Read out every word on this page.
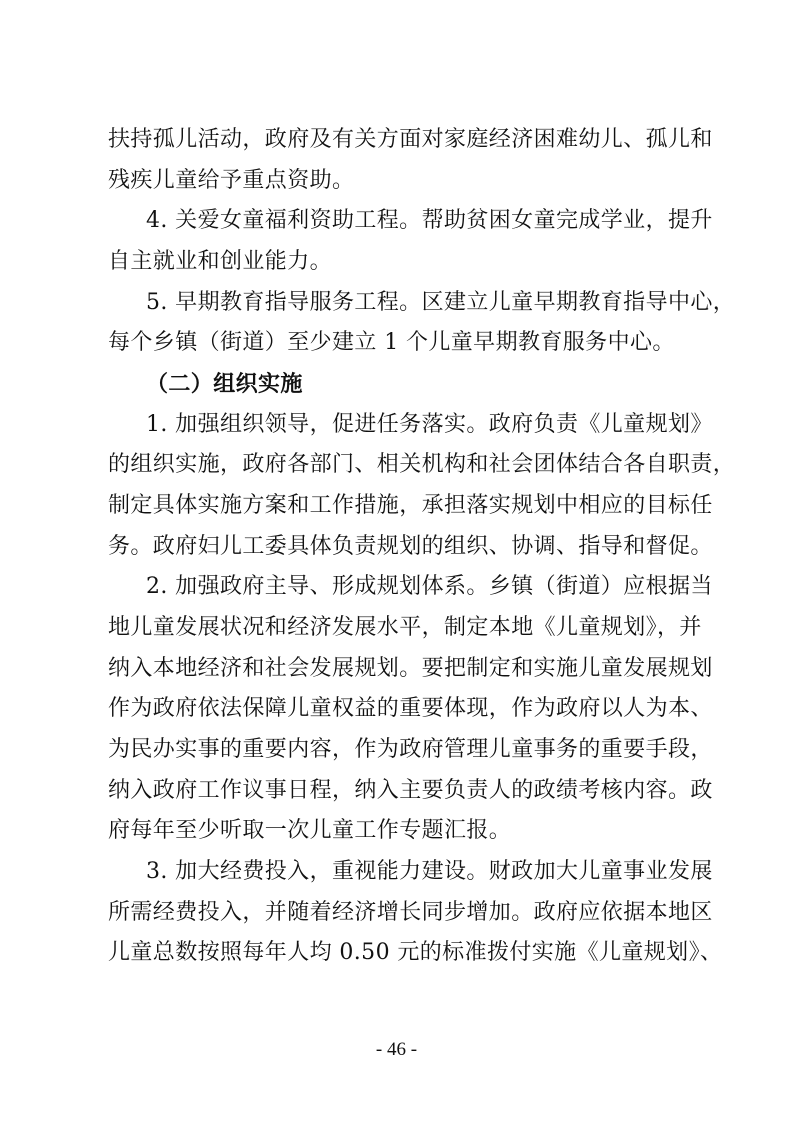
扶持孤儿活动，政府及有关方面对家庭经济困难幼儿、孤儿和
残疾儿童给予重点资助。
4. 关爱女童福利资助工程。帮助贫困女童完成学业，提升
自主就业和创业能力。
5. 早期教育指导服务工程。区建立儿童早期教育指导中心，
每个乡镇（街道）至少建立 1 个儿童早期教育服务中心。
（二）组织实施
1. 加强组织领导，促进任务落实。政府负责《儿童规划》
的组织实施，政府各部门、相关机构和社会团体结合各自职责，
制定具体实施方案和工作措施，承担落实规划中相应的目标任
务。政府妇儿工委具体负责规划的组织、协调、指导和督促。
2. 加强政府主导、形成规划体系。乡镇（街道）应根据当
地儿童发展状况和经济发展水平，制定本地《儿童规划》，并
纳入本地经济和社会发展规划。要把制定和实施儿童发展规划
作为政府依法保障儿童权益的重要体现，作为政府以人为本、
为民办实事的重要内容，作为政府管理儿童事务的重要手段，
纳入政府工作议事日程，纳入主要负责人的政绩考核内容。政
府每年至少听取一次儿童工作专题汇报。
3. 加大经费投入，重视能力建设。财政加大儿童事业发展
所需经费投入，并随着经济增长同步增加。政府应依据本地区
儿童总数按照每年人均 0.50 元的标准拨付实施《儿童规划》、
- 46 -
